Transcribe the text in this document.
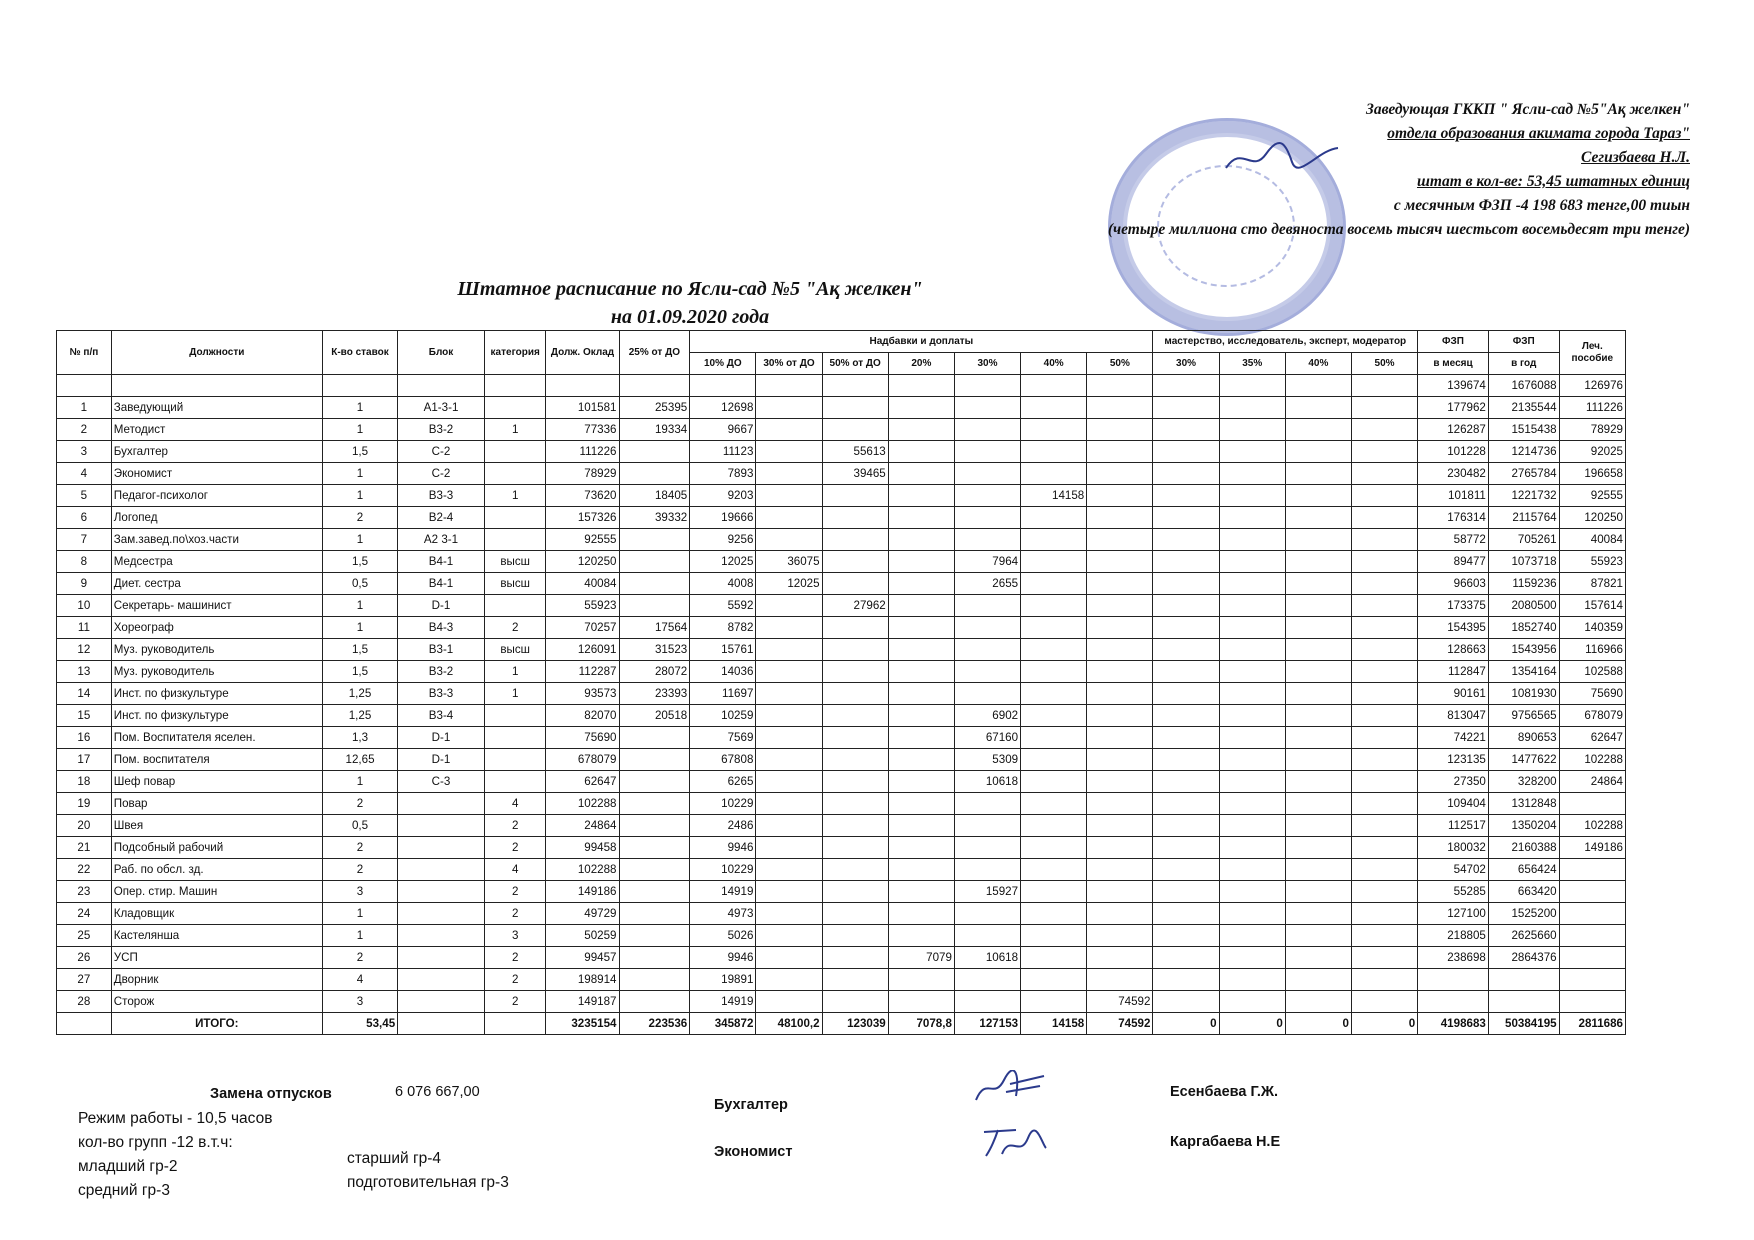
Заведующая ГККП " Ясли-сад №5"Ақ желкен"
отдела образования акимата города Тараз"
Сегизбаева Н.Л.
штат в кол-ве: 53,45 штатных единиц
с месячным ФЗП -4 198 683 тенге,00 тиын
(четыре миллиона сто девяноста восемь тысяч шестьсот восемьдесят три тенге)
Штатное расписание по Ясли-сад №5 "Ақ желкен"
на 01.09.2020 года
№ п/п	Должности	К-во ставок	Блок	категория	Долж. Оклад	25% от ДО	Надбавки и доплаты							мастерство, исследователь, эксперт, модератор				ФЗП	ФЗП	Леч. пособие
							10% ДО	30% от ДО	50% от ДО	20%	30%	40%	50%	30%	35%	40%	50%	в месяц	в год	
																		139674	1676088	126976
1	Заведующий	1	А1-3-1		101581	25395	12698											177962	2135544	111226
2	Методист	1	В3-2	1	77336	19334	9667											126287	1515438	78929
3	Бухгалтер	1,5	С-2		111226		11123		55613									101228	1214736	92025
4	Экономист	1	С-2		78929		7893		39465									230482	2765784	196658
5	Педагог-психолог	1	В3-3	1	73620	18405	9203					14158						101811	1221732	92555
6	Логопед	2	В2-4		157326	39332	19666											176314	2115764	120250
7	Зам.завед.по\хоз.части	1	А2 3-1		92555		9256											58772	705261	40084
8	Медсестра	1,5	В4-1	высш	120250		12025	36075			7964							89477	1073718	55923
9	Диет. сестра	0,5	В4-1	высш	40084		4008	12025			2655							96603	1159236	87821
10	Секретарь- машинист	1	D-1		55923		5592		27962									173375	2080500	157614
11	Хореограф	1	В4-3	2	70257	17564	8782											154395	1852740	140359
12	Муз. руководитель	1,5	В3-1	высш	126091	31523	15761											128663	1543956	116966
13	Муз. руководитель	1,5	В3-2	1	112287	28072	14036											112847	1354164	102588
14	Инст. по физкультуре	1,25	В3-3	1	93573	23393	11697											90161	1081930	75690
15	Инст. по физкультуре	1,25	В3-4		82070	20518	10259				6902							813047	9756565	678079
16	Пом. Воспитателя яселен.	1,3	D-1		75690		7569				67160							74221	890653	62647
17	Пом. воспитателя	12,65	D-1		678079		67808				5309							123135	1477622	102288
18	Шеф повар	1	С-3		62647		6265				10618							27350	328200	24864
19	Повар	2		4	102288		10229											109404	1312848	
20	Швея	0,5		2	24864		2486											112517	1350204	102288
21	Подсобный рабочий	2		2	99458		9946											180032	2160388	149186
22	Раб. по обсл. зд.	2		4	102288		10229											54702	656424	
23	Опер. стир. Машин	3		2	149186		14919				15927							55285	663420	
24	Кладовщик	1		2	49729		4973											127100	1525200	
25	Кастелянша	1		3	50259		5026											218805	2625660	
26	УСП	2		2	99457		9946			7079	10618							238698	2864376	
27	Дворник	4		2	198914		19891													
28	Сторож	3		2	149187		14919						74592							
	ИТОГО:	53,45			3235154	223536	345872	48100,2	123039	7078,8	127153	14158	74592	0	0	0	0	4198683	50384195	2811686
Замена отпусков	6 076 667,00
Режим работы - 10,5 часов
кол-во групп -12 в.т.ч:
младший гр-2
средний гр-3
старший гр-4
подготовительная гр-3
Бухгалтер
Экономист
Есенбаева Г.Ж.
Каргабаева Н.Е
